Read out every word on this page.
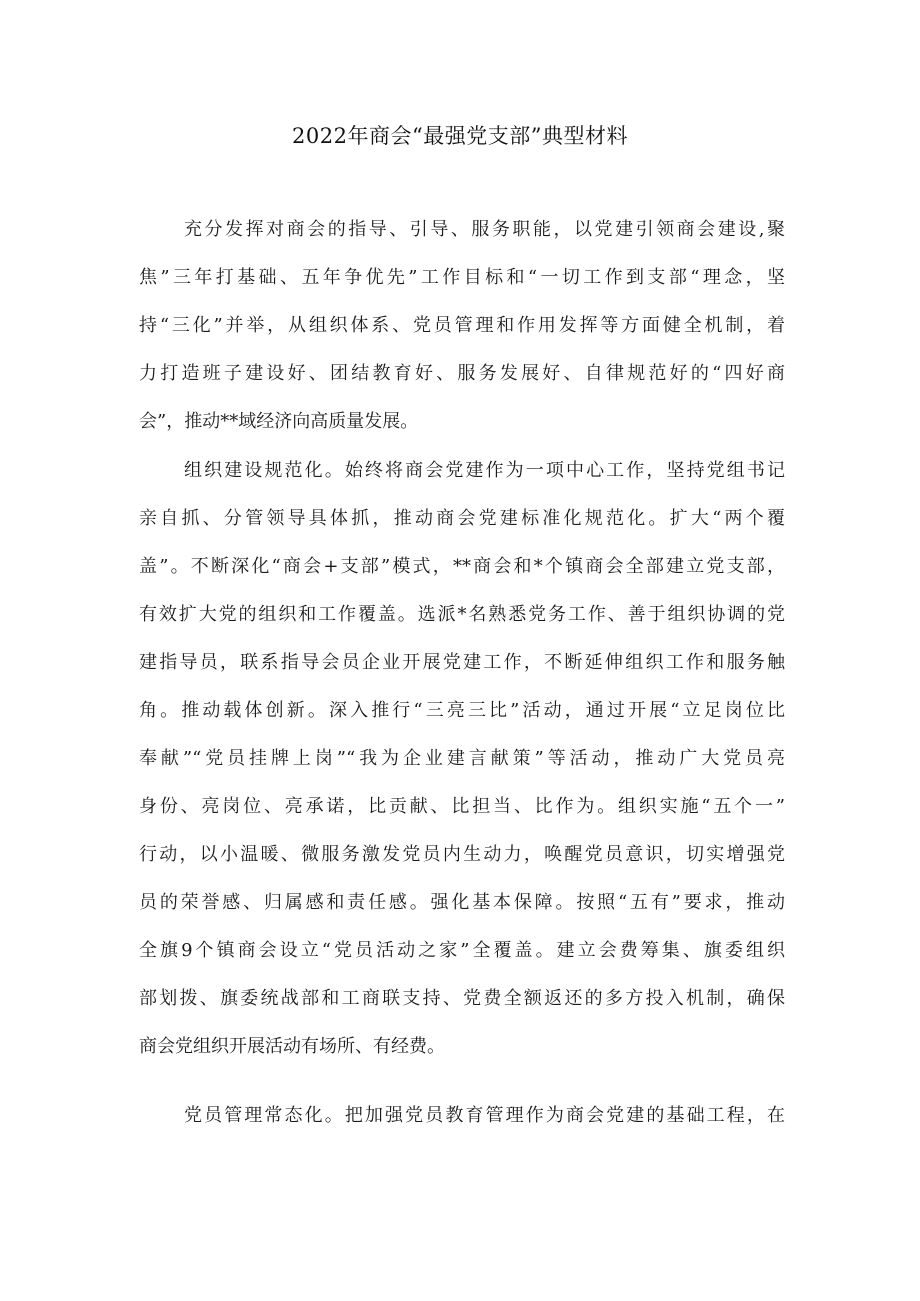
2022年商会“最强党支部”典型材料
充分发挥对商会的指导、引导、服务职能，以党建引领商会建设,聚
焦”三年打基础、五年争优先”工作目标和“一切工作到支部“理念，坚
持“三化”并举，从组织体系、党员管理和作用发挥等方面健全机制，着
力打造班子建设好、团结教育好、服务发展好、自律规范好的“四好商
会”，推动**域经济向高质量发展。
组织建设规范化。始终将商会党建作为一项中心工作，坚持党组书记
亲自抓、分管领导具体抓，推动商会党建标准化规范化。扩大“两个覆
盖”。不断深化“商会+支部”模式，**商会和*个镇商会全部建立党支部，
有效扩大党的组织和工作覆盖。选派*名熟悉党务工作、善于组织协调的党
建指导员，联系指导会员企业开展党建工作，不断延伸组织工作和服务触
角。推动载体创新。深入推行“三亮三比”活动，通过开展“立足岗位比
奉献”“党员挂牌上岗”“我为企业建言献策”等活动，推动广大党员亮
身份、亮岗位、亮承诺，比贡献、比担当、比作为。组织实施“五个一”
行动，以小温暖、微服务激发党员内生动力，唤醒党员意识，切实增强党
员的荣誉感、归属感和责任感。强化基本保障。按照“五有”要求，推动
全旗9个镇商会设立“党员活动之家”全覆盖。建立会费筹集、旗委组织
部划拨、旗委统战部和工商联支持、党费全额返还的多方投入机制，确保
商会党组织开展活动有场所、有经费。
党员管理常态化。把加强党员教育管理作为商会党建的基础工程，在
